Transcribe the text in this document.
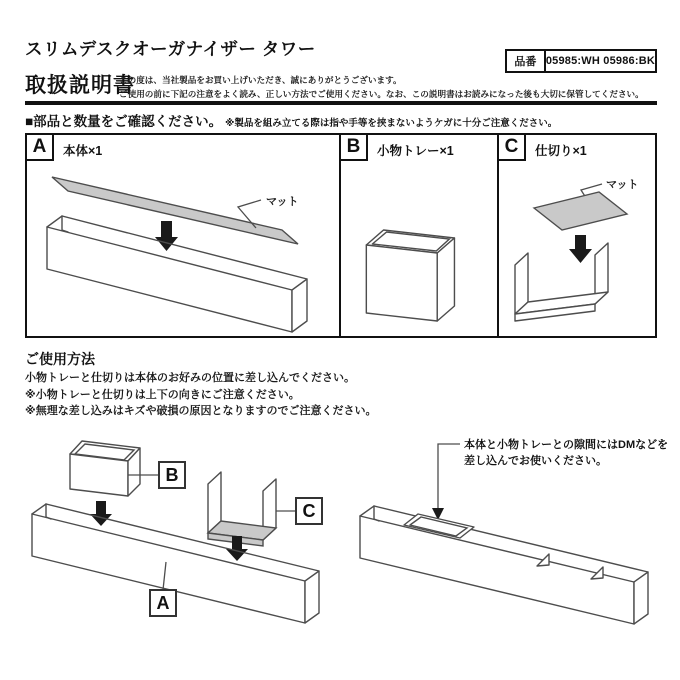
スリムデスクオーガナイザー タワー
品番 05985:WH 05986:BK
取扱説明書
この度は、当社製品をお買い上げいただき、誠にありがとうございます。
ご使用の前に下記の注意をよく読み、正しい方法でご使用ください。なお、この説明書はお読みになった後も大切に保管してください。
■部品と数量をご確認ください。 ※製品を組み立てる際は指や手等を挟まないようケガに十分ご注意ください。
A	本体×1
マット
B	小物トレー×1	C	仕切り×1
マット
ご使用方法
小物トレーと仕切りは本体のお好みの位置に差し込んでください。
※小物トレーと仕切りは上下の向きにご注意ください。
※無理な差し込みはキズや破損の原因となりますのでご注意ください。
B
C
A
本体と小物トレーとの隙間にはDMなどを
差し込んでお使いください。
